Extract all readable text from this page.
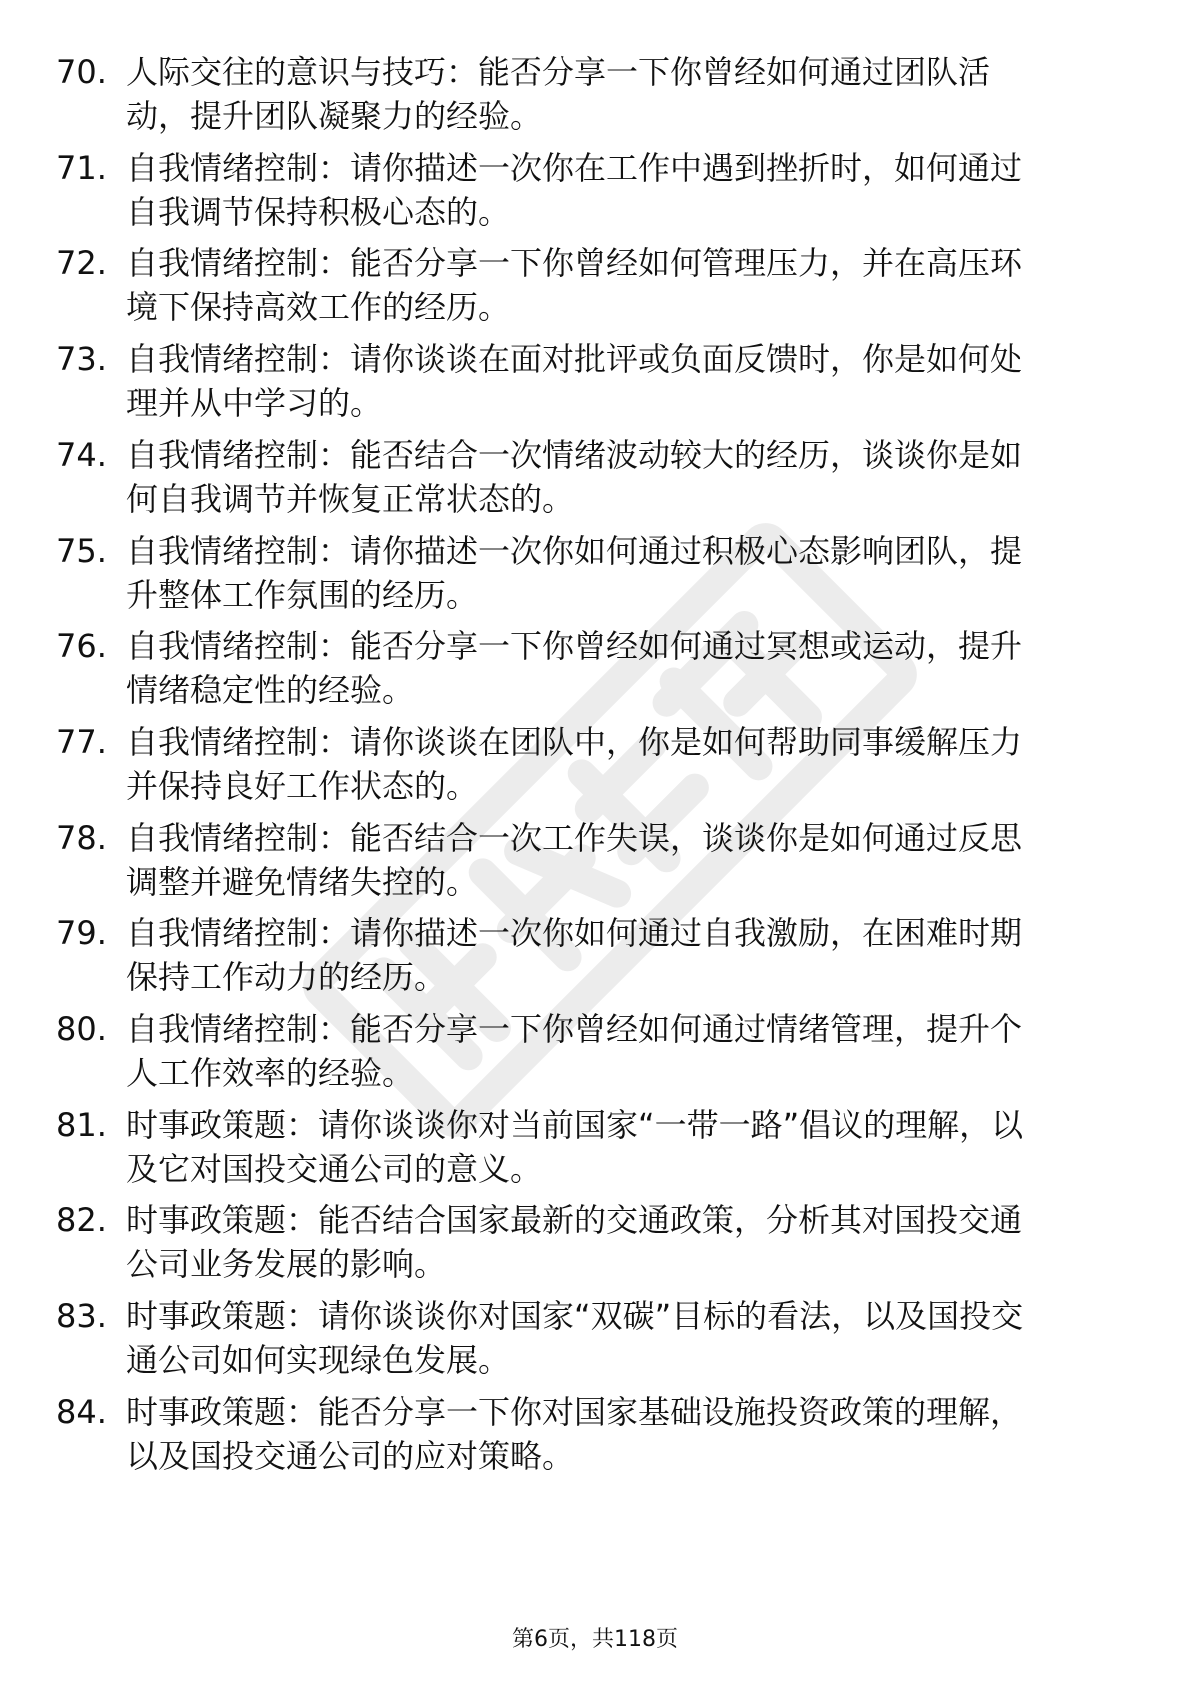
70. 人际交往的意识与技巧：能否分享一下你曾经如何通过团队活
动，提升团队凝聚力的经验。
71. 自我情绪控制：请你描述一次你在工作中遇到挫折时，如何通过
自我调节保持积极心态的。
72. 自我情绪控制：能否分享一下你曾经如何管理压力，并在高压环
境下保持高效工作的经历。
73. 自我情绪控制：请你谈谈在面对批评或负面反馈时，你是如何处
理并从中学习的。
74. 自我情绪控制：能否结合一次情绪波动较大的经历，谈谈你是如
何自我调节并恢复正常状态的。
75. 自我情绪控制：请你描述一次你如何通过积极心态影响团队，提
升整体工作氛围的经历。
76. 自我情绪控制：能否分享一下你曾经如何通过冥想或运动，提升
情绪稳定性的经验。
77. 自我情绪控制：请你谈谈在团队中，你是如何帮助同事缓解压力
并保持良好工作状态的。
78. 自我情绪控制：能否结合一次工作失误，谈谈你是如何通过反思
调整并避免情绪失控的。
79. 自我情绪控制：请你描述一次你如何通过自我激励，在困难时期
保持工作动力的经历。
80. 自我情绪控制：能否分享一下你曾经如何通过情绪管理，提升个
人工作效率的经验。
81. 时事政策题：请你谈谈你对当前国家“一带一路”倡议的理解，以
及它对国投交通公司的意义。
82. 时事政策题：能否结合国家最新的交通政策，分析其对国投交通
公司业务发展的影响。
83. 时事政策题：请你谈谈你对国家“双碳”目标的看法，以及国投交
通公司如何实现绿色发展。
84. 时事政策题：能否分享一下你对国家基础设施投资政策的理解，
以及国投交通公司的应对策略。
第6页，共118页
